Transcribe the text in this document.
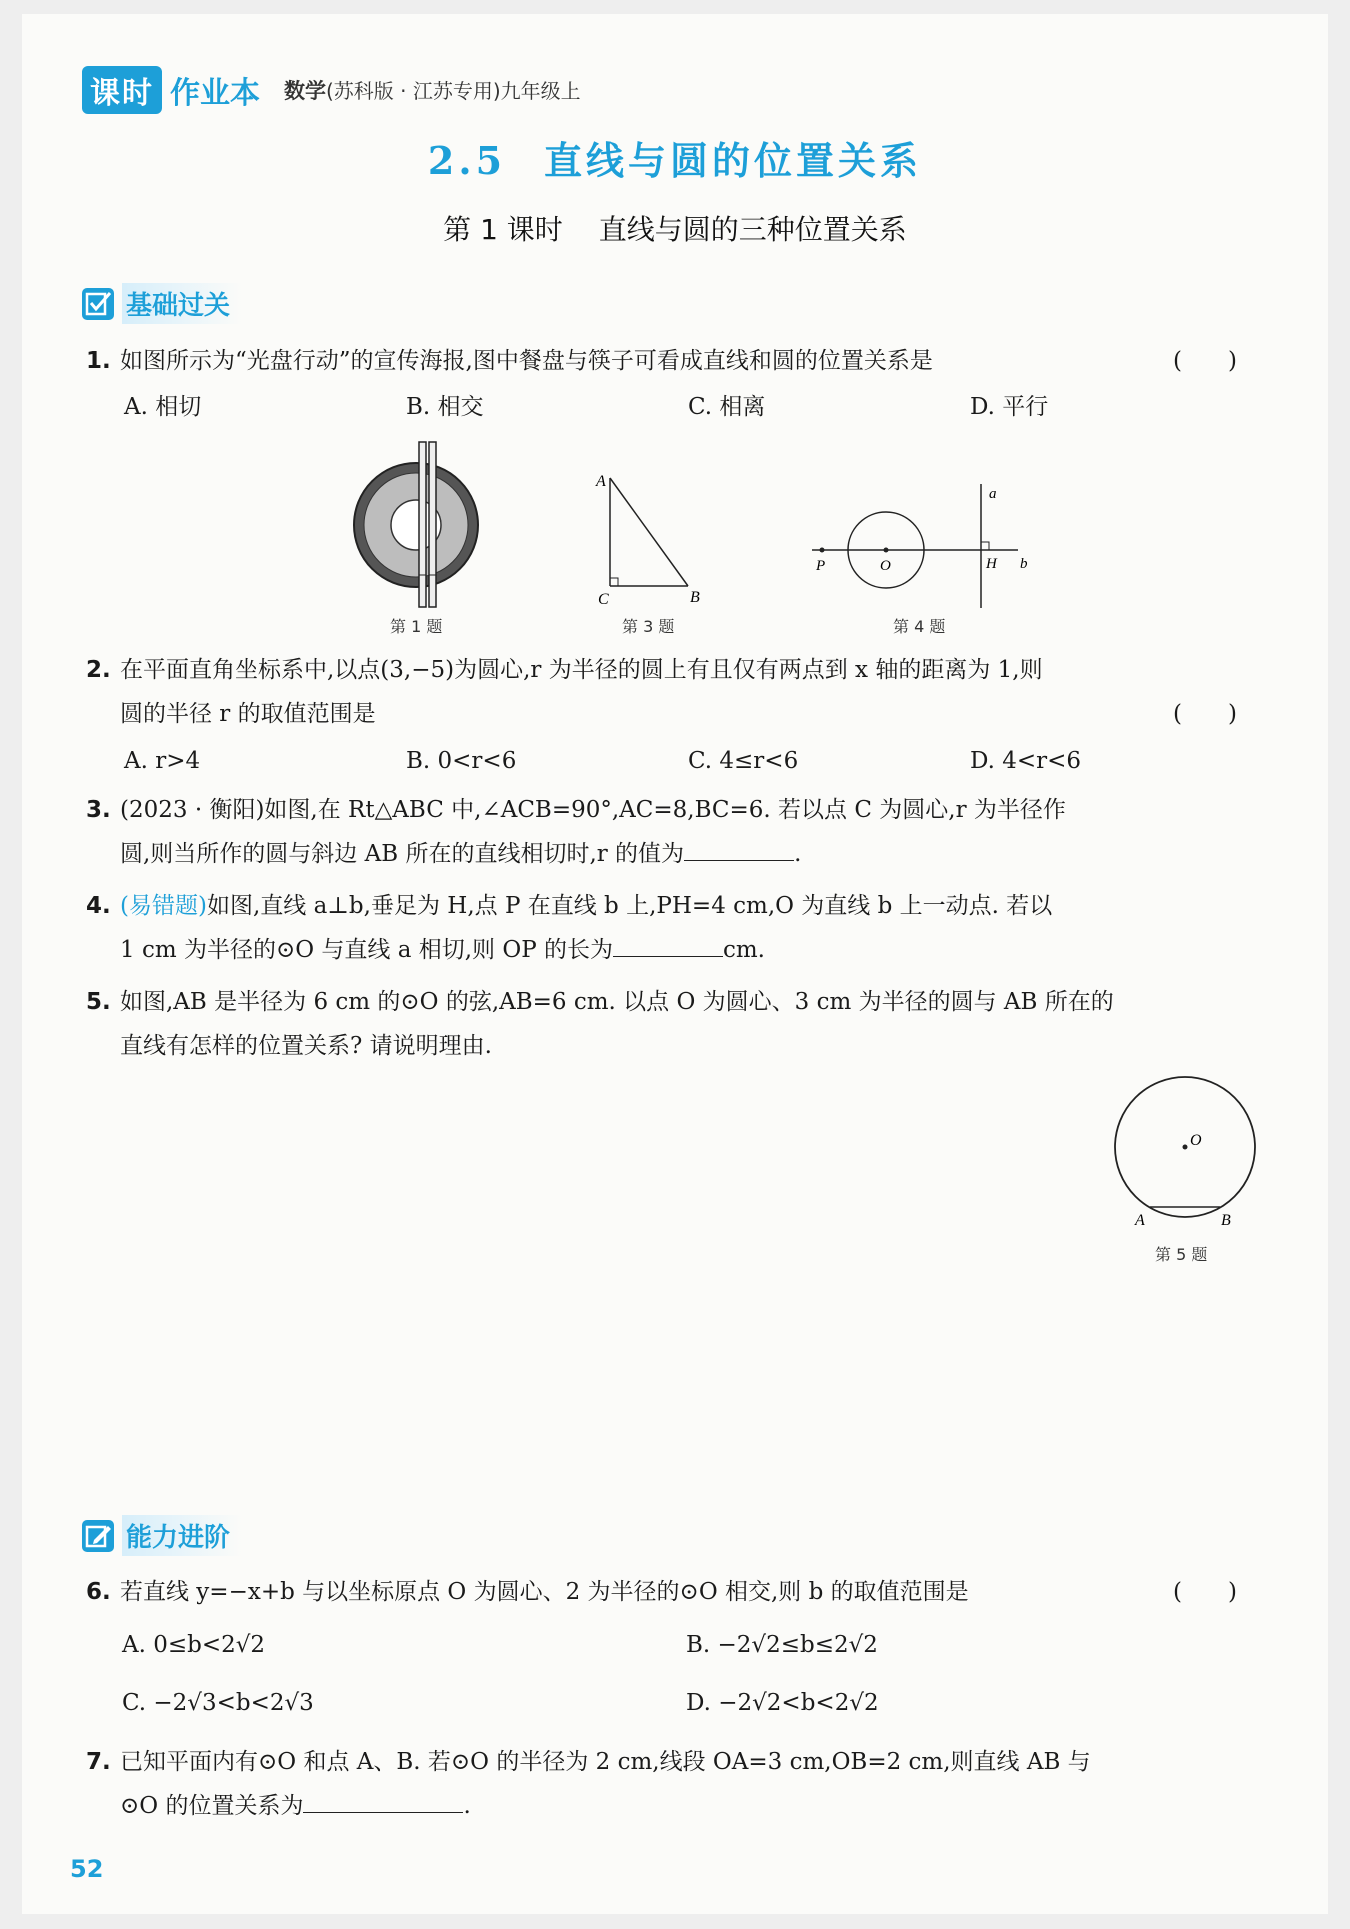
课时 作业本 数学(苏科版 · 江苏专用)九年级上
2.5 直线与圆的位置关系
第 1 课时 直线与圆的三种位置关系
基础过关
1. 如图所示为“光盘行动”的宣传海报,图中餐盘与筷子可看成直线和圆的位置关系是	(　　)
A. 相切	B. 相交	C. 相离	D. 平行
第 1 题
A
C	B
第 3 题
a
b
P	O	H
第 4 题
2. 在平面直角坐标系中,以点(3,−5)为圆心,r 为半径的圆上有且仅有两点到 x 轴的距离为 1,则
圆的半径 r 的取值范围是	(　　)
A. r>4	B. 0<r<6	C. 4≤r<6	D. 4<r<6
3. (2023 · 衡阳)如图,在 Rt△ABC 中,∠ACB=90°,AC=8,BC=6. 若以点 C 为圆心,r 为半径作
圆,则当所作的圆与斜边 AB 所在的直线相切时,r 的值为	.
4. (易错题)如图,直线 a⊥b,垂足为 H,点 P 在直线 b 上,PH=4 cm,O 为直线 b 上一动点. 若以
1 cm 为半径的⊙O 与直线 a 相切,则 OP 的长为	cm.
5. 如图,AB 是半径为 6 cm 的⊙O 的弦,AB=6 cm. 以点 O 为圆心、3 cm 为半径的圆与 AB 所在的
直线有怎样的位置关系? 请说明理由.
O
A	B
第 5 题
能力进阶
6. 若直线 y=−x+b 与以坐标原点 O 为圆心、2 为半径的⊙O 相交,则 b 的取值范围是	(　　)
A. 0≤b<2√2	B. −2√2≤b≤2√2
C. −2√3<b<2√3	D. −2√2<b<2√2
7. 已知平面内有⊙O 和点 A、B. 若⊙O 的半径为 2 cm,线段 OA=3 cm,OB=2 cm,则直线 AB 与
⊙O 的位置关系为	.
52
